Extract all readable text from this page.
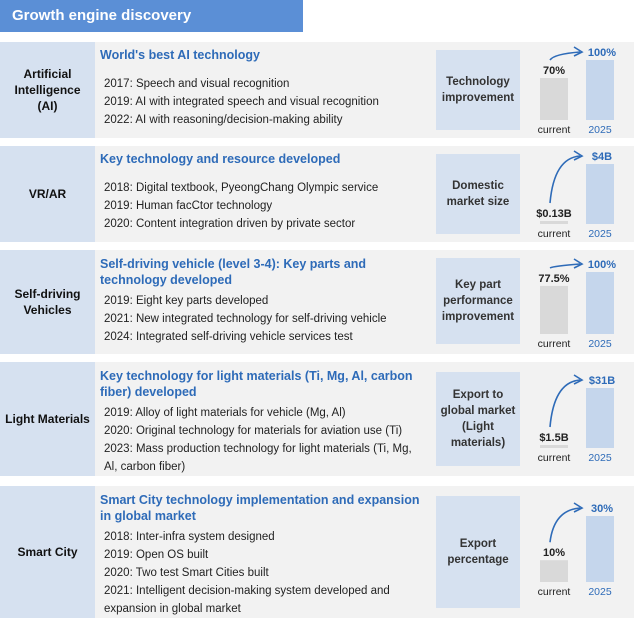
Growth engine discovery
Artificial
Intelligence
(AI)
World's best AI technology
2017: Speech and visual recognition
2019: AI with integrated speech and visual recognition
2022: AI with reasoning/decision-making ability
Technology
improvement
70%
100%
current 2025
VR/AR
Key technology and resource developed
2018: Digital textbook, PyeongChang Olympic service
2019: Human facCtor technology
2020: Content integration driven by private sector
Domestic
market size
$0.13B
$4B
current 2025
Self-driving
Vehicles
Self-driving vehicle (level 3-4): Key parts and
technology developed
2019: Eight key parts developed
2021: New integrated technology for self-driving vehicle
2024: Integrated self-driving vehicle services test
Key part
performance
improvement
77.5%
100%
current 2025
Light Materials
Key technology for light materials (Ti, Mg, Al, carbon
fiber) developed
2019: Alloy of light materials for vehicle (Mg, Al)
2020: Original technology for materials for aviation use (Ti)
2023: Mass production technology for light materials (Ti, Mg,
Al, carbon fiber)
Export to
global market
(Light
materials)	$1.5B
$31B
current 2025
Smart City
Smart City technology implementation and expansion
in global market
2018: Inter-infra system designed
2019: Open OS built
2020: Two test Smart Cities built
2021: Intelligent decision-making system developed and
expansion in global market
Export
percentage
10%
30%
current 2025
